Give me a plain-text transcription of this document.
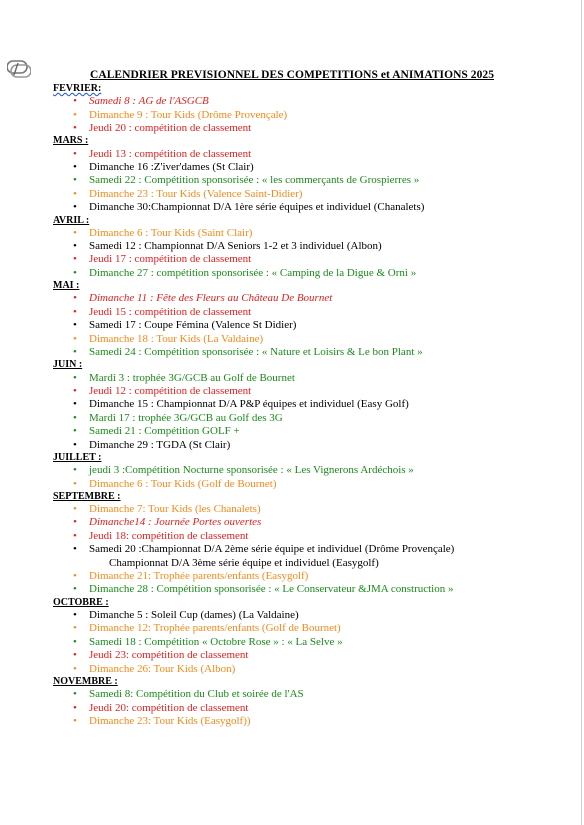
CALENDRIER PREVISIONNEL DES COMPETITIONS et ANIMATIONS 2025
FEVRIER:
• Samedi 8 : AG de l'ASGCB
• Dimanche 9 : Tour Kids (Drôme Provençale)
• Jeudi 20 : compétition de classement
MARS :
• Jeudi 13 : compétition de classement
• Dimanche 16 :Z'iver'dames (St Clair)
• Samedi 22 : Compétition sponsorisée : « les commerçants de Grospierres »
• Dimanche 23 : Tour Kids (Valence Saint-Didier)
• Dimanche 30:Championnat D/A 1ère série équipes et individuel (Chanalets)
AVRIL :
• Dimanche 6 : Tour Kids (Saint Clair)
• Samedi 12 : Championnat D/A Seniors 1-2 et 3 individuel (Albon)
• Jeudi 17 : compétition de classement
• Dimanche 27 : compétition sponsorisée : « Camping de la Digue & Orni »
MAI :
• Dimanche 11 : Fête des Fleurs au Château De Bournet
• Jeudi 15 : compétition de classement
• Samedi 17 : Coupe Fémina (Valence St Didier)
• Dimanche 18 : Tour Kids (La Valdaine)
• Samedi 24 : Compétition sponsorisée : « Nature et Loisirs & Le bon Plant »
JUIN :
• Mardi 3 : trophée 3G/GCB au Golf de Bournet
• Jeudi 12 : compétition de classement
• Dimanche 15 : Championnat D/A P&P équipes et individuel (Easy Golf)
• Mardi 17 : trophée 3G/GCB au Golf des 3G
• Samedi 21 : Compétition GOLF +
• Dimanche 29 : TGDA (St Clair)
JUILLET :
• jeudi 3 :Compétition Nocturne sponsorisée : « Les Vignerons Ardéchois »
• Dimanche 6 : Tour Kids (Golf de Bournet)
SEPTEMBRE :
• Dimanche 7: Tour Kids (les Chanalets)
• Dimanche14 : Journée Portes ouvertes
• Jeudi 18: compétition de classement
• Samedi 20 :Championnat D/A 2ème série équipe et individuel (Drôme Provençale)
Championnat D/A 3ème série équipe et individuel (Easygolf)
• Dimanche 21: Trophée parents/enfants (Easygolf)
• Dimanche 28 : Compétition sponsorisée : « Le Conservateur &JMA construction »
OCTOBRE :
• Dimanche 5 : Soleil Cup (dames) (La Valdaine)
• Dimanche 12: Trophée parents/enfants (Golf de Bournet)
• Samedi 18 : Compétition « Octobre Rose » : « La Selve »
• Jeudi 23: compétition de classement
• Dimanche 26: Tour Kids (Albon)
NOVEMBRE :
• Samedi 8: Compétition du Club et soirée de l'AS
• Jeudi 20: compétition de classement
• Dimanche 23: Tour Kids (Easygolf))
